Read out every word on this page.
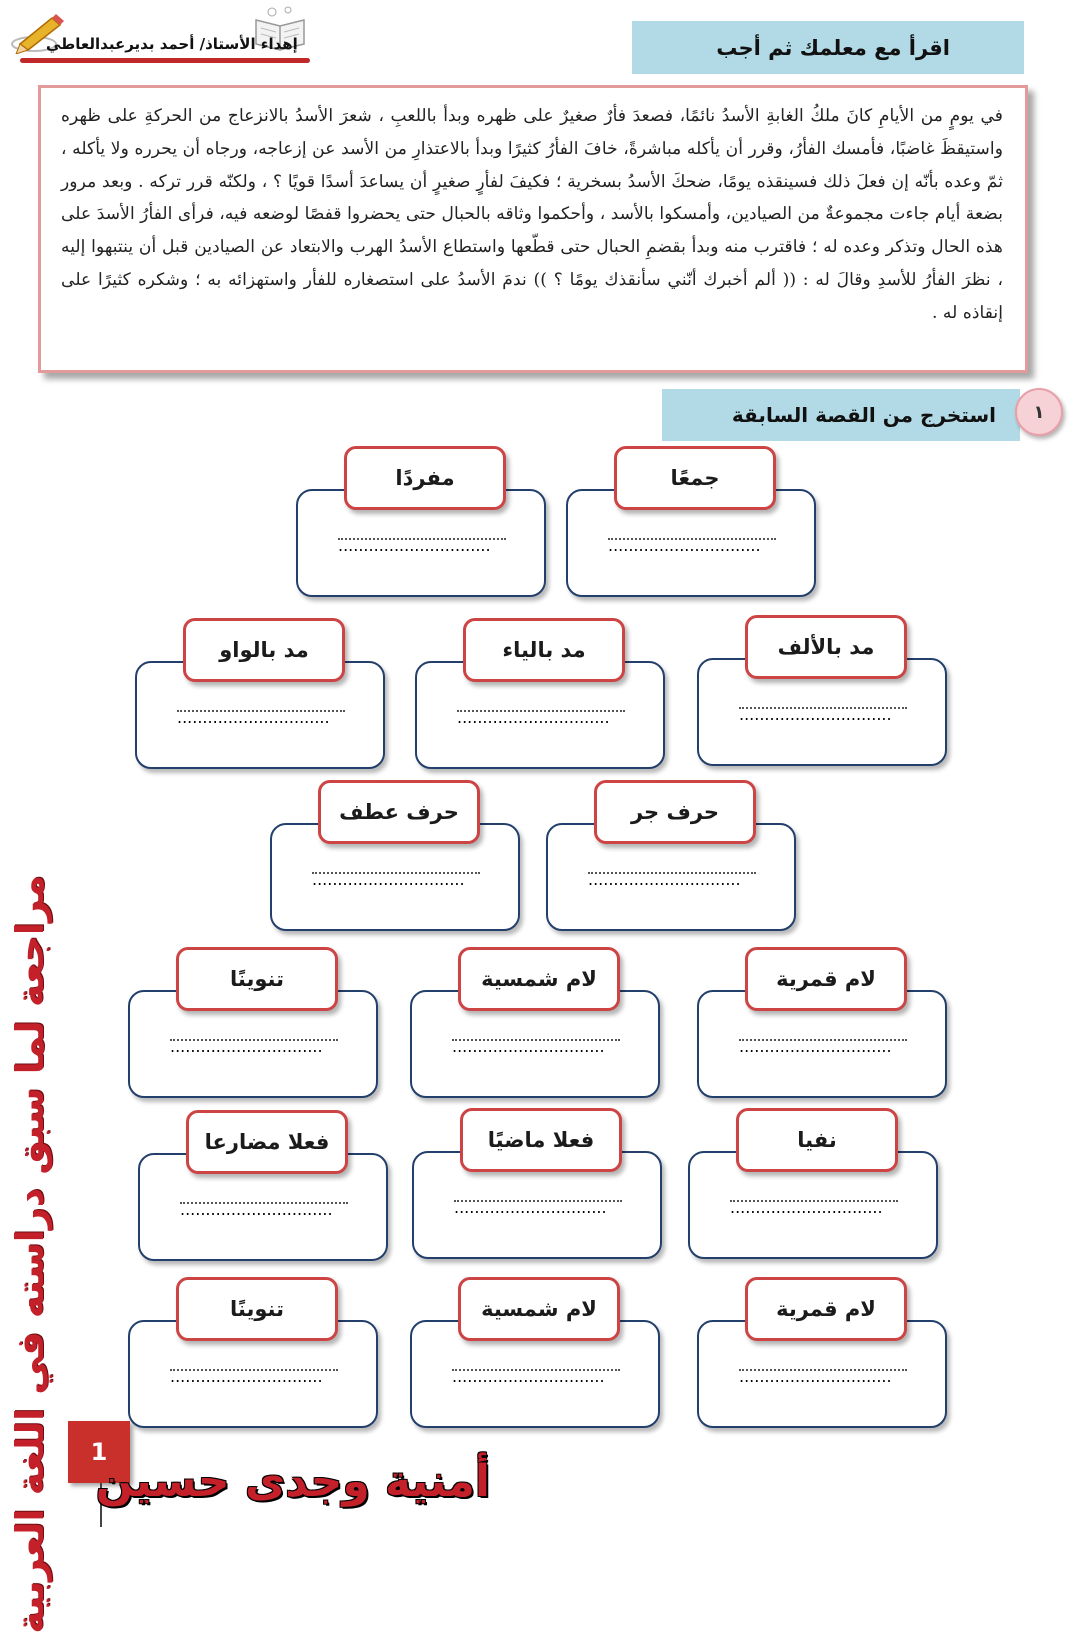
إهداء الأستاذ/ أحمد بديرعبدالعاطي	اقرأ مع معلمك ثم أجب
في يومٍ من الأيامِ كانَ ملكُ الغابةِ الأسدُ نائمًا، فصعدَ فأرٌ صغيرٌ على ظهره وبدأ باللعبِ ، شعرَ الأسدُ بالانزعاج من الحركةِ على ظهره واستيقظَ غاضبًا، فأمسك الفأرُ، وقرر أن يأكله مباشرةً، خافَ الفأرُ كثيرًا وبدأ بالاعتذارِ من الأسد عن إزعاجه، ورجاه أن يحرره ولا يأكله ، ثمّ وعده بأنّه إن فعلَ ذلك فسينقذه يومًا، ضحكَ الأسدُ بسخرية ؛ فكيفَ لفأرٍ صغيرٍ أن يساعدَ أسدًا قويًا ؟ ، ولكنّه قرر تركه . وبعد مرور بضعة أيام جاءت مجموعةٌ من الصيادين، وأمسكوا بالأسد ، وأحكموا وثاقه بالحبال حتى يحضروا قفصًا لوضعه فيه، فرأى الفأرُ الأسدَ على هذه الحال وتذكر وعده له ؛ فاقترب منه وبدأ بقضمِ الحبال حتى قطّعها واستطاع الأسدُ الهرب والابتعاد عن الصيادين قبل أن ينتبهوا إليه ، نظرَ الفأرُ للأسدِ وقالَ له : (( ألم أخبرك أنّني سأنقذك يومًا ؟ )) ندمَ الأسدُ على استصغاره للفأر واستهزائه به ؛ وشكره كثيرًا على إنقاذه له .
استخرج من القصة السابقة	١
..............................
جمعًا
..............................
مفردًا
..............................
مد بالألف
..............................
مد بالياء
..............................
مد بالواو
..............................
حرف جر
..............................
حرف عطف
..............................
لام قمرية
..............................
لام شمسية
..............................
تنوينًا
..............................
نفيا
..............................
فعلا ماضيًا
..............................
فعلا مضارعا
..............................
لام قمرية
..............................
لام شمسية
..............................
تنوينًا
مراجعة لما سبق دراسته في اللغة العربية	1
أمنية وجدى حسين
